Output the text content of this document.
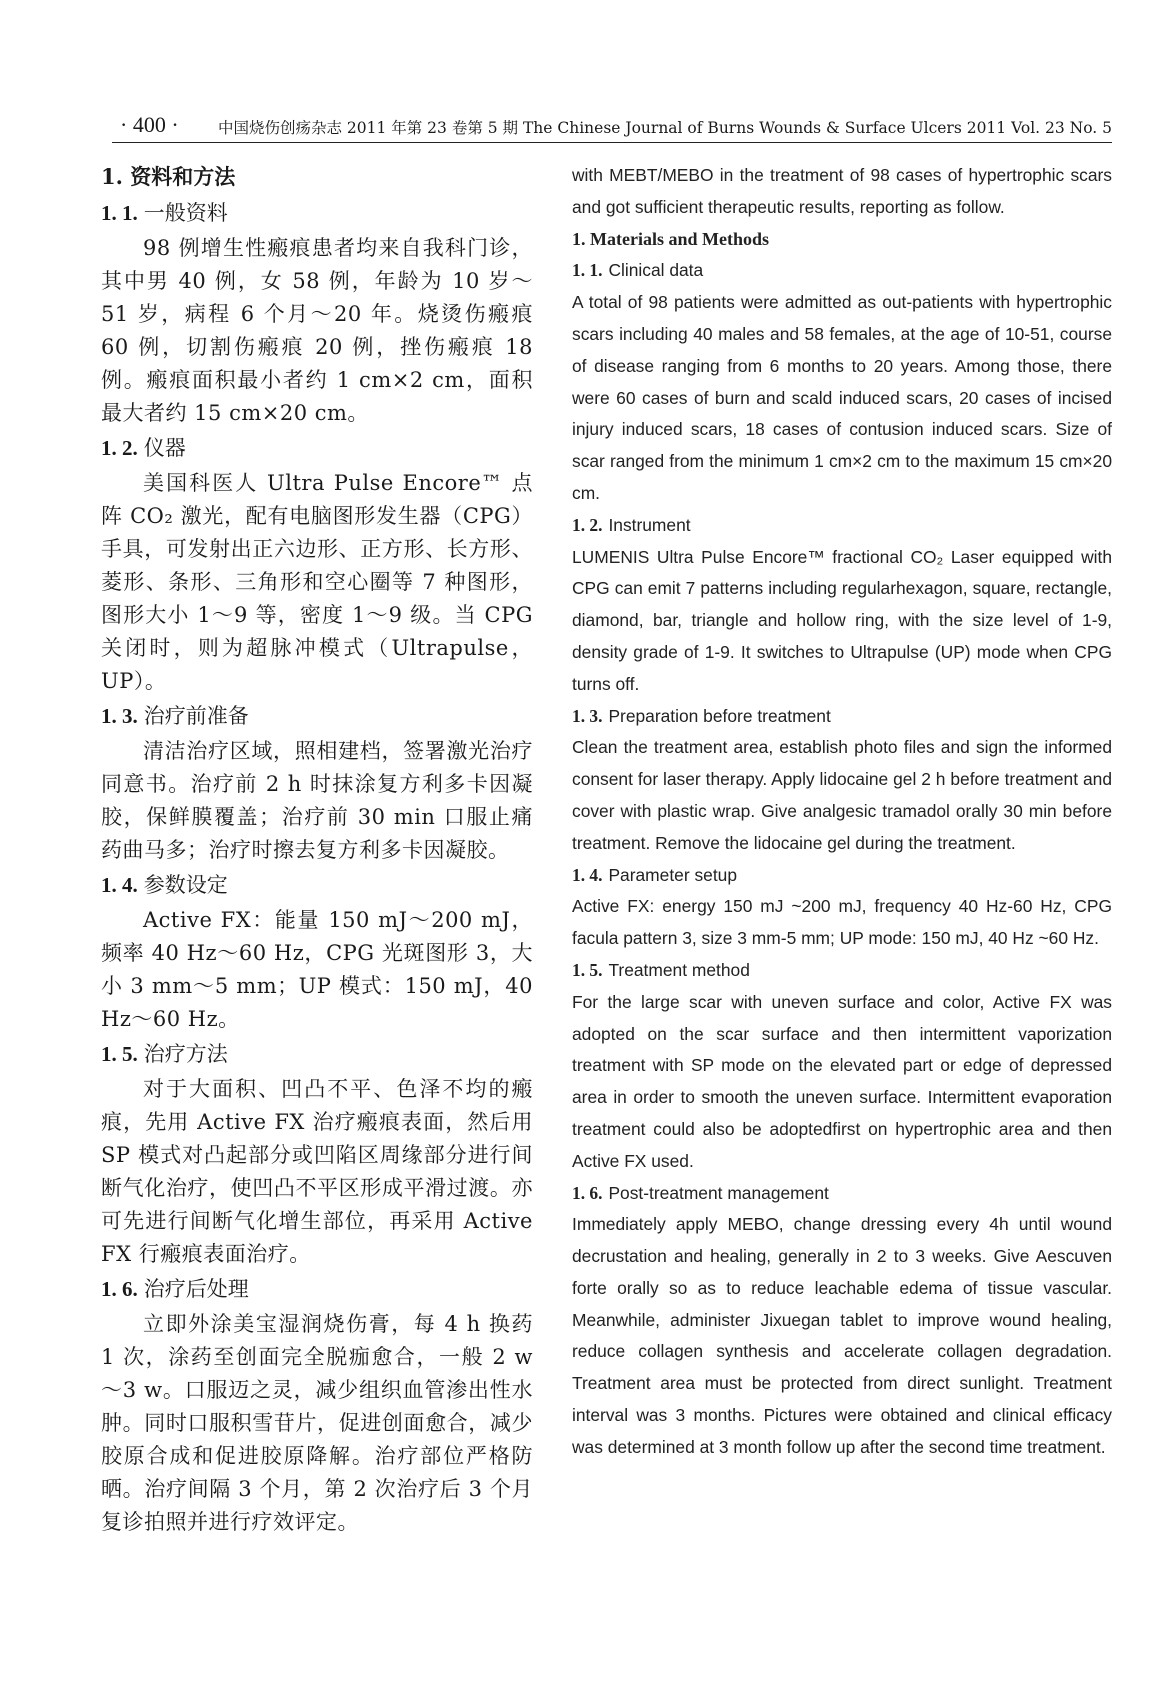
· 400 ·	中国烧伤创疡杂志 2011 年第 23 卷第 5 期 The Chinese Journal of Burns Wounds & Surface Ulcers 2011 Vol. 23 No. 5
1. 资料和方法
1. 1. 一般资料

98 例增生性瘢痕患者均来自我科门诊，其中男 40 例，女 58 例，年龄为 10 岁～51 岁，病程 6 个月～20 年。烧烫伤瘢痕 60 例，切割伤瘢痕 20 例，挫伤瘢痕 18 例。瘢痕面积最小者约 1 cm×2 cm，面积最大者约 15 cm×20 cm。

1. 2. 仪器

美国科医人 Ultra Pulse Encore™ 点阵 CO₂ 激光，配有电脑图形发生器（CPG）手具，可发射出正六边形、正方形、长方形、菱形、条形、三角形和空心圈等 7 种图形，图形大小 1～9 等，密度 1～9 级。当 CPG 关闭时，则为超脉冲模式（Ultrapulse，UP）。

1. 3. 治疗前准备

清洁治疗区域，照相建档，签署激光治疗同意书。治疗前 2 h 时抹涂复方利多卡因凝胶，保鲜膜覆盖；治疗前 30 min 口服止痛药曲马多；治疗时擦去复方利多卡因凝胶。

1. 4. 参数设定

Active FX：能量 150 mJ～200 mJ，频率 40 Hz～60 Hz，CPG 光斑图形 3，大小 3 mm～5 mm；UP 模式：150 mJ，40 Hz～60 Hz。

1. 5. 治疗方法

对于大面积、凹凸不平、色泽不均的瘢痕，先用 Active FX 治疗瘢痕表面，然后用 SP 模式对凸起部分或凹陷区周缘部分进行间断气化治疗，使凹凸不平区形成平滑过渡。亦可先进行间断气化增生部位，再采用 Active FX 行瘢痕表面治疗。

1. 6. 治疗后处理

立即外涂美宝湿润烧伤膏，每 4 h 换药 1 次，涂药至创面完全脱痂愈合，一般 2 w～3 w。口服迈之灵，减少组织血管渗出性水肿。同时口服积雪苷片，促进创面愈合，减少胶原合成和促进胶原降解。治疗部位严格防晒。治疗间隔 3 个月，第 2 次治疗后 3 个月复诊拍照并进行疗效评定。

with MEBT/MEBO in the treatment of 98 cases of hypertrophic scars and got sufficient therapeutic results, reporting as follow.

1. Materials and Methods
1. 1. Clinical data

A total of 98 patients were admitted as out-patients with hypertrophic scars including 40 males and 58 females, at the age of 10-51, course of disease ranging from 6 months to 20 years. Among those, there were 60 cases of burn and scald induced scars, 20 cases of incised injury induced scars, 18 cases of contusion induced scars. Size of scar ranged from the minimum 1 cm×2 cm to the maximum 15 cm×20 cm.

1. 2. Instrument

LUMENIS Ultra Pulse Encore™ fractional CO₂ Laser equipped with CPG can emit 7 patterns including regularhexagon, square, rectangle, diamond, bar, triangle and hollow ring, with the size level of 1-9, density grade of 1-9. It switches to Ultrapulse (UP) mode when CPG turns off.

1. 3. Preparation before treatment

Clean the treatment area, establish photo files and sign the informed consent for laser therapy. Apply lidocaine gel 2 h before treatment and cover with plastic wrap. Give analgesic tramadol orally 30 min before treatment. Remove the lidocaine gel during the treatment.

1. 4. Parameter setup

Active FX: energy 150 mJ ~200 mJ, frequency 40 Hz-60 Hz, CPG facula pattern 3, size 3 mm-5 mm; UP mode: 150 mJ, 40 Hz ~60 Hz.

1. 5. Treatment method

For the large scar with uneven surface and color, Active FX was adopted on the scar surface and then intermittent vaporization treatment with SP mode on the elevated part or edge of depressed area in order to smooth the uneven surface. Intermittent evaporation treatment could also be adoptedfirst on hypertrophic area and then Active FX used.

1. 6. Post-treatment management

Immediately apply MEBO, change dressing every 4h until wound decrustation and healing, generally in 2 to 3 weeks. Give Aescuven forte orally so as to reduce leachable edema of tissue vascular. Meanwhile, administer Jixuegan tablet to improve wound healing, reduce collagen synthesis and accelerate collagen degradation. Treatment area must be protected from direct sunlight. Treatment interval was 3 months. Pictures were obtained and clinical efficacy was determined at 3 month follow up after the second time treatment.
